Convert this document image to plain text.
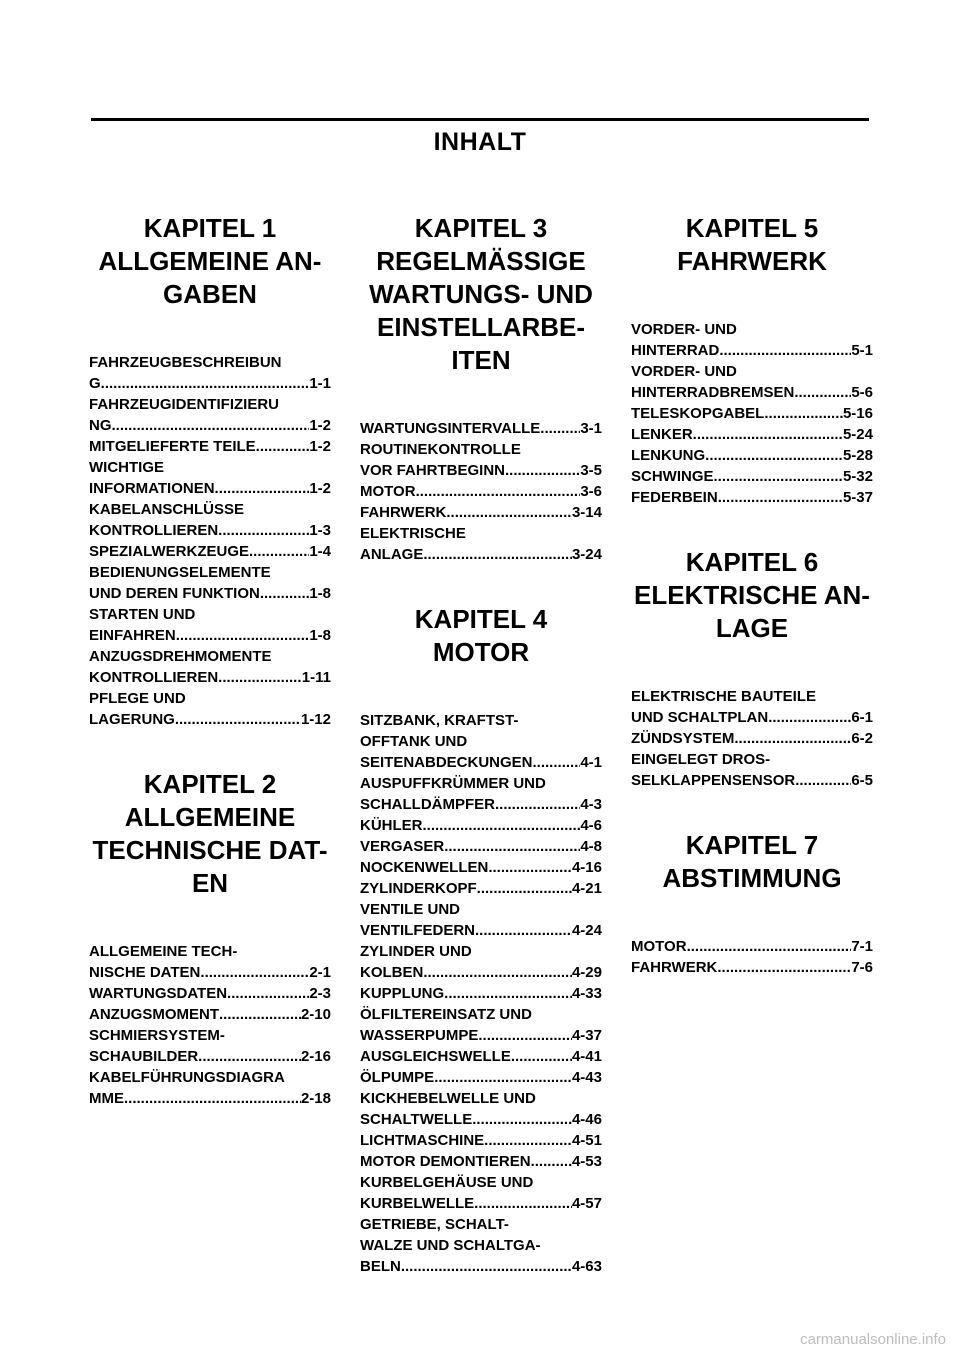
INHALT
KAPITEL 1
ALLGEMEINE AN-
GABEN
FAHRZEUGBESCHREIBUN
G .....	1-1
FAHRZEUGIDENTIFIZIERU
NG .....	1-2
MITGELIEFERTE TEILE .....	1-2
WICHTIGE
INFORMATIONEN .....	1-2
KABELANSCHLÜSSE
KONTROLLIEREN .....	1-3
SPEZIALWERKZEUGE .....	1-4
BEDIENUNGSELEMENTE
UND DEREN FUNKTION .....	1-8
STARTEN UND
EINFAHREN .....	1-8
ANZUGSDREHMOMENTE
KONTROLLIEREN .....	1-11
PFLEGE UND
LAGERUNG .....	1-12
KAPITEL 2
ALLGEMEINE
TECHNISCHE DAT-
EN
ALLGEMEINE TECH-
NISCHE DATEN .....	2-1
WARTUNGSDATEN .....	2-3
ANZUGSMOMENT .....	2-10
SCHMIERSYSTEM-
SCHAUBILDER .....	2-16
KABELFÜHRUNGSDIAGRA
MME .....	2-18
KAPITEL 3
REGELMÄSSIGE
WARTUNGS- UND
EINSTELLARBE-
ITEN
WARTUNGSINTERVALLE .....	3-1
ROUTINEKONTROLLE
VOR FAHRTBEGINN .....	3-5
MOTOR .....	3-6
FAHRWERK .....	3-14
ELEKTRISCHE
ANLAGE .....	3-24
KAPITEL 4
MOTOR
SITZBANK, KRAFTST-
OFFTANK UND
SEITENABDECKUNGEN .....	4-1
AUSPUFFKRÜMMER UND
SCHALLDÄMPFER .....	4-3
KÜHLER .....	4-6
VERGASER .....	4-8
NOCKENWELLEN .....	4-16
ZYLINDERKOPF .....	4-21
VENTILE UND
VENTILFEDERN .....	4-24
ZYLINDER UND
KOLBEN .....	4-29
KUPPLUNG .....	4-33
ÖLFILTEREINSATZ UND
WASSERPUMPE .....	4-37
AUSGLEICHSWELLE .....	4-41
ÖLPUMPE .....	4-43
KICKHEBELWELLE UND
SCHALTWELLE .....	4-46
LICHTMASCHINE .....	4-51
MOTOR DEMONTIEREN .....	4-53
KURBELGEHÄUSE UND
KURBELWELLE .....	4-57
GETRIEBE, SCHALT-
WALZE UND SCHALTGA-
BELN .....	4-63
KAPITEL 5
FAHRWERK
VORDER- UND
HINTERRAD .....	5-1
VORDER- UND
HINTERRADBREMSEN .....	5-6
TELESKOPGABEL .....	5-16
LENKER .....	5-24
LENKUNG .....	5-28
SCHWINGE .....	5-32
FEDERBEIN .....	5-37
KAPITEL 6
ELEKTRISCHE AN-
LAGE
ELEKTRISCHE BAUTEILE
UND SCHALTPLAN .....	6-1
ZÜNDSYSTEM .....	6-2
EINGELEGT DROS-
SELKLAPPENSENSOR .....	6-5
KAPITEL 7
ABSTIMMUNG
MOTOR .....	7-1
FAHRWERK .....	7-6
carmanualsonline.info
